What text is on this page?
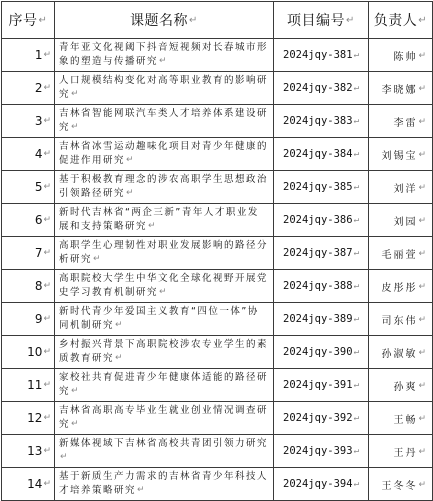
序号↵	课题名称↵	项目编号↵	负责人↵
1↵	青年亚文化视阈下抖音短视频对长春城市形象的塑造与传播研究↵	2024jqy-381↵	陈帅↵
2↵	人口规模结构变化对高等职业教育的影响研究↵	2024jqy-382↵	李晓娜↵
3↵	吉林省智能网联汽车类人才培养体系建设研究↵	2024jqy-383↵	李雷↵
4↵	吉林省冰雪运动趣味化项目对青少年健康的促进作用研究↵	2024jqy-384↵	刘锡宝↵
5↵	基于积极教育理念的涉农高职学生思想政治引领路径研究↵	2024jqy-385↵	刘洋↵
6↵	新时代吉林省“两企三新”青年人才职业发展和支持策略研究↵	2024jqy-386↵	刘园↵
7↵	高职学生心理韧性对职业发展影响的路径分析研究↵	2024jqy-387↵	毛丽萱↵
8↵	高职院校大学生中华文化全球化视野开展党史学习教育机制研究↵	2024jqy-388↵	皮彤彤↵
9↵	新时代青少年爱国主义教育“四位一体”协同机制研究↵	2024jqy-389↵	司东伟↵
10↵	乡村振兴背景下高职院校涉农专业学生的素质教育研究↵	2024jqy-390↵	孙淑敏↵
11↵	家校社共育促进青少年健康体适能的路径研究↵	2024jqy-391↵	孙爽↵
12↵	吉林省高职高专毕业生就业创业情况调查研究↵	2024jqy-392↵	王畅↵
13↵	新媒体视域下吉林省高校共青团引领力研究↵	2024jqy-393↵	王丹↵
14↵	基于新质生产力需求的吉林省青少年科技人才培养策略研究↵	2024jqy-394↵	王冬冬↵
